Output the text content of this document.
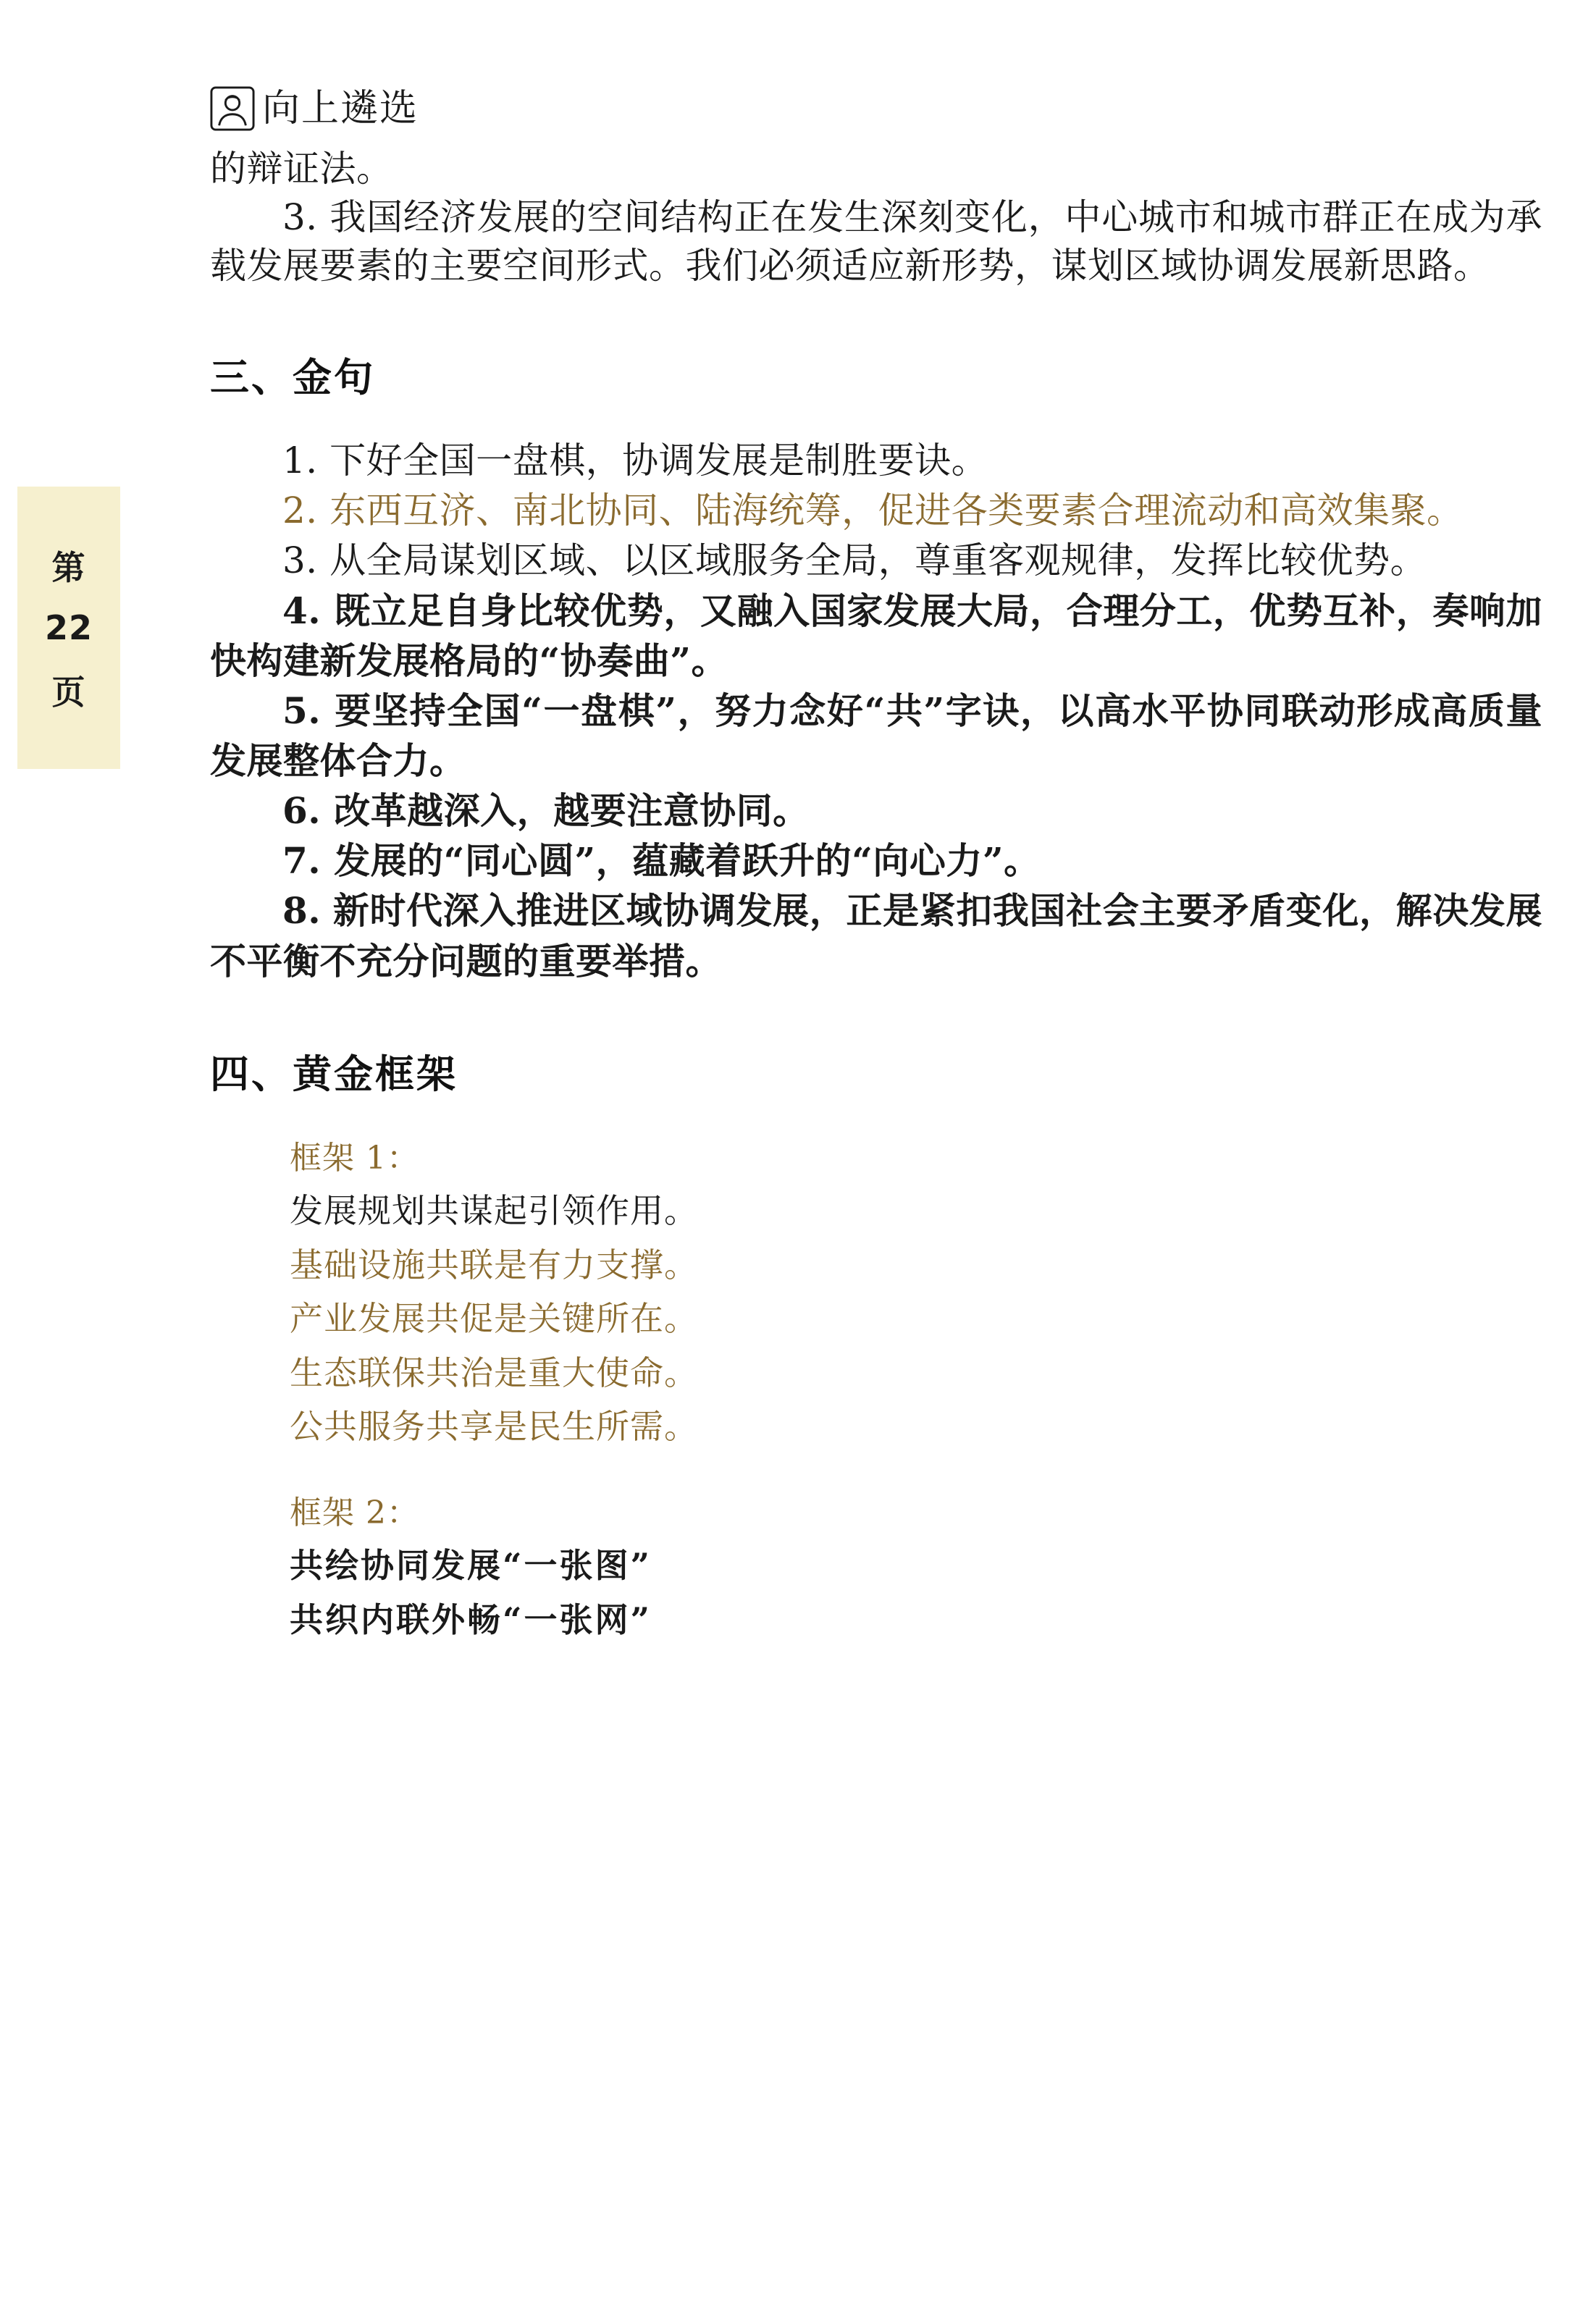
第
22
页
向上遴选

的辩证法。

3. 我国经济发展的空间结构正在发生深刻变化，中心城市和城市群正在成为承载发展要素的主要空间形式。我们必须适应新形势，谋划区域协调发展新思路。

三、金句

1. 下好全国一盘棋，协调发展是制胜要诀。

2. 东西互济、南北协同、陆海统筹，促进各类要素合理流动和高效集聚。

3. 从全局谋划区域、以区域服务全局，尊重客观规律，发挥比较优势。

4. 既立足自身比较优势，又融入国家发展大局，合理分工，优势互补，奏响加快构建新发展格局的“协奏曲”。

5. 要坚持全国“一盘棋”，努力念好“共”字诀，以高水平协同联动形成高质量发展整体合力。

6. 改革越深入，越要注意协同。

7. 发展的“同心圆”，蕴藏着跃升的“向心力”。

8. 新时代深入推进区域协调发展，正是紧扣我国社会主要矛盾变化，解决发展不平衡不充分问题的重要举措。

四、黄金框架

框架 1：

发展规划共谋起引领作用。

基础设施共联是有力支撑。

产业发展共促是关键所在。

生态联保共治是重大使命。

公共服务共享是民生所需。

框架 2：

共绘协同发展“一张图”

共织内联外畅“一张网”
